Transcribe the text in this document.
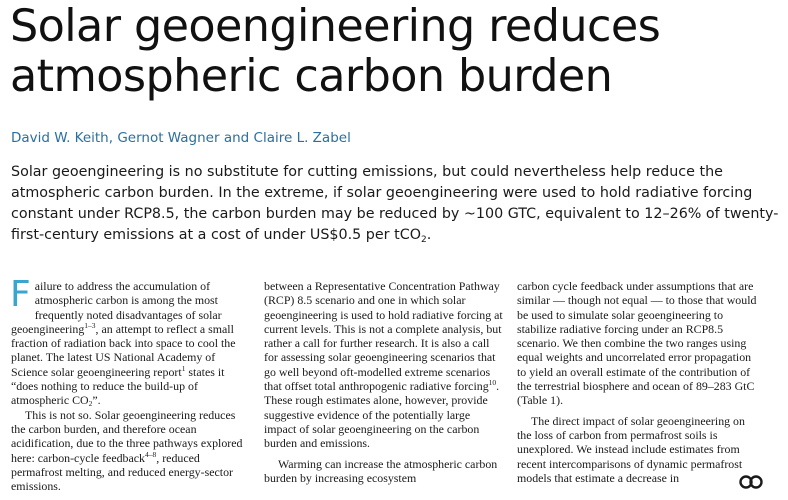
Solar geoengineering reduces atmospheric carbon burden
David W. Keith, Gernot Wagner and Claire L. Zabel

Solar geoengineering is no substitute for cutting emissions, but could nevertheless help reduce the atmospheric carbon burden. In the extreme, if solar geoengineering were used to hold radiative forcing constant under RCP8.5, the carbon burden may be reduced by ~100 GTC, equivalent to 12–26% of twenty-first-century emissions at a cost of under US$0.5 per tCO$_2$.

Failure to address the accumulation of atmospheric carbon is among the most frequently noted disadvantages of solar geoengineering$^{1-3}$, an attempt to reflect a small fraction of radiation back into space to cool the planet. The latest US National Academy of Science solar geoengineering report$^1$ states it “does nothing to reduce the build-up of atmospheric $CO_2$”.

This is not so. Solar geoengineering reduces the carbon burden, and therefore ocean acidification, due to the three pathways explored here: carbon-cycle feedback$^{4-8}$, reduced permafrost melting, and reduced energy-sector emissions.

between a Representative Concentration Pathway (RCP) 8.5 scenario and one in which solar geoengineering is used to hold radiative forcing at current levels. This is not a complete analysis, but rather a call for further research. It is also a call for assessing solar geoengineering scenarios that go well beyond oft-modelled extreme scenarios that offset total anthropogenic radiative forcing$^{10}$. These rough estimates alone, however, provide suggestive evidence of the potentially large impact of solar geoengineering on the carbon burden and emissions.

Warming can increase the atmospheric carbon burden by increasing ecosystem

carbon cycle feedback under assumptions that are similar — though not equal — to those that would be used to simulate solar geoengineering to stabilize radiative forcing under an RCP8.5 scenario. We then combine the two ranges using equal weights and uncorrelated error propagation to yield an overall estimate of the contribution of the terrestrial biosphere and ocean of 89–283 GtC (Table 1).

The direct impact of solar geoengineering on the loss of carbon from permafrost soils is unexplored. We instead include estimates from recent intercomparisons of dynamic permafrost models that estimate a decrease in
